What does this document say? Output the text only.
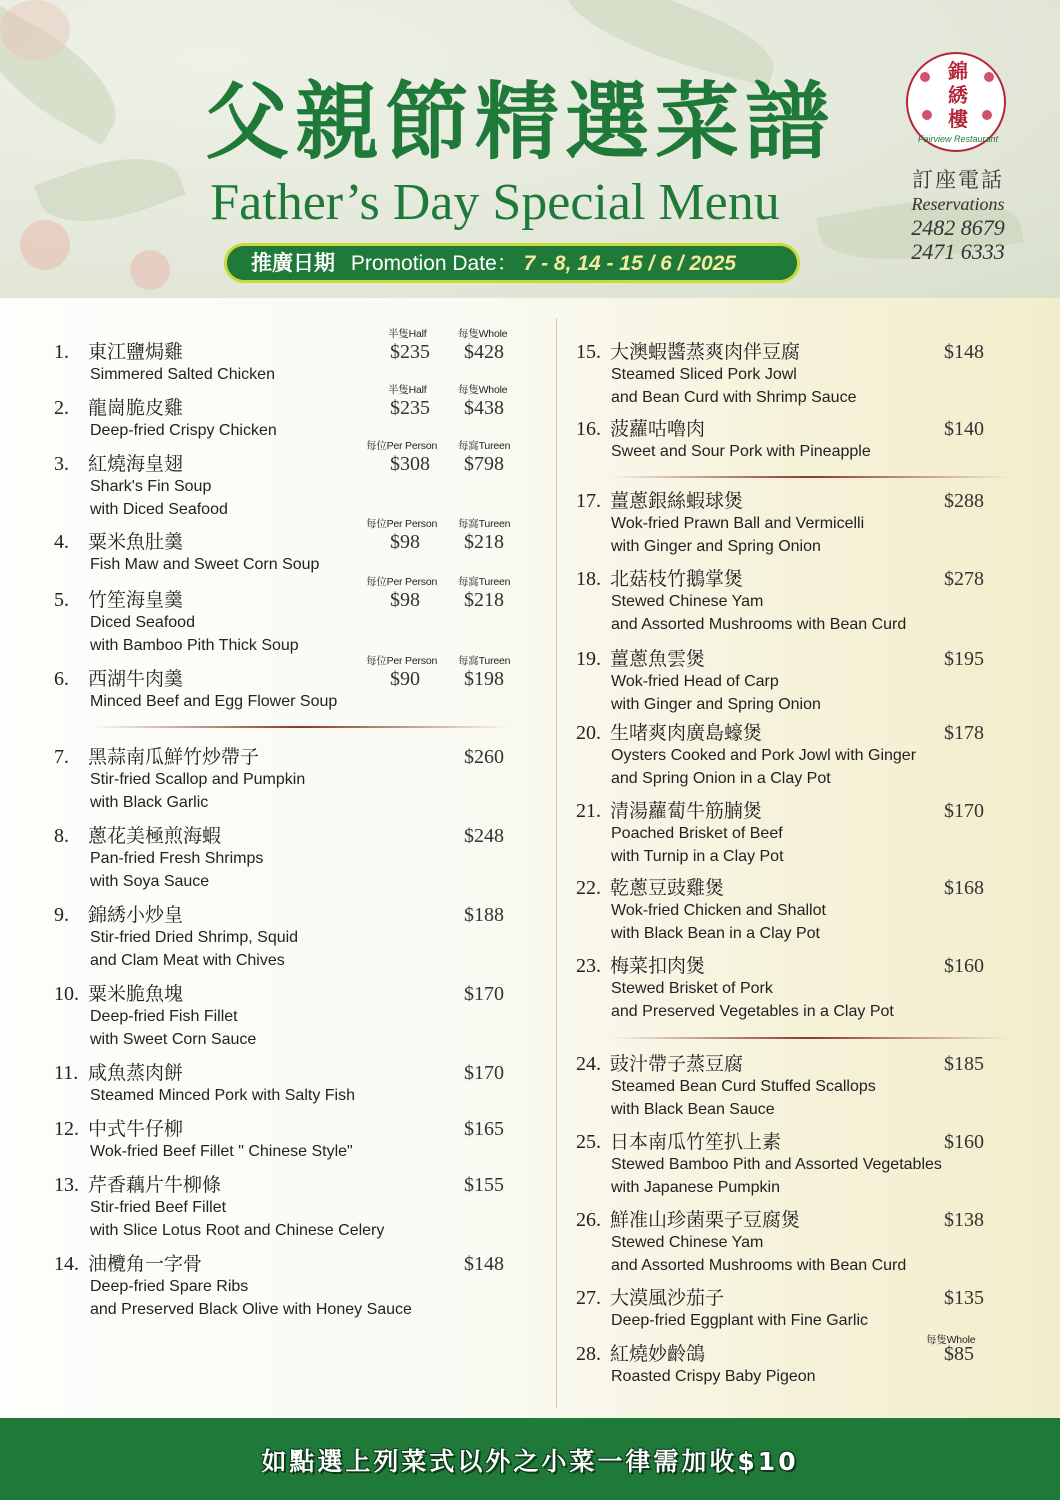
父親節精選菜譜
Father’s Day Special Menu
推廣日期 Promotion Date： 7 - 8, 14 - 15 / 6 / 2025
錦
綉
樓
Fairview Restaurant
訂座電話
Reservations
2482 8679
2471 6333
1. 東江鹽焗雞
Simmered Salted Chicken
半隻Half	每隻Whole
$235 $428
2. 龍崗脆皮雞
Deep-fried Crispy Chicken
半隻Half	每隻Whole
$235 $438
3. 紅燒海皇翅
Shark's Fin Soup
with Diced Seafood
每位Per Person 每窩Tureen
$308 $798
4. 粟米魚肚羹
Fish Maw and Sweet Corn Soup
每位Per Person 每窩Tureen
$98 $218
5. 竹笙海皇羹
Diced Seafood
with Bamboo Pith Thick Soup
每位Per Person 每窩Tureen
$98 $218
6. 西湖牛肉羹
Minced Beef and Egg Flower Soup
每位Per Person 每窩Tureen
$90 $198
7. 黑蒜南瓜鮮竹炒帶子
Stir-fried Scallop and Pumpkin
with Black Garlic
$260
8. 蔥花美極煎海蝦
Pan-fried Fresh Shrimps
with Soya Sauce
$248
9. 錦綉小炒皇
Stir-fried Dried Shrimp, Squid
and Clam Meat with Chives
$188
10. 粟米脆魚塊
Deep-fried Fish Fillet
with Sweet Corn Sauce
$170
11. 咸魚蒸肉餅
Steamed Minced Pork with Salty Fish
$170
12. 中式牛仔柳
Wok-fried Beef Fillet " Chinese Style"
$165
13. 芹香藕片牛柳條
Stir-fried Beef Fillet
with Slice Lotus Root and Chinese Celery
$155
14. 油欖角一字骨
Deep-fried Spare Ribs
and Preserved Black Olive with Honey Sauce
$148
15. 大澳蝦醬蒸爽肉伴豆腐
Steamed Sliced Pork Jowl
and Bean Curd with Shrimp Sauce
$148
16. 菠蘿咕嚕肉
Sweet and Sour Pork with Pineapple
$140
17. 薑蔥銀絲蝦球煲
Wok-fried Prawn Ball and Vermicelli
with Ginger and Spring Onion
$288
18. 北菇枝竹鵝掌煲
Stewed Chinese Yam
and Assorted Mushrooms with Bean Curd
$278
19. 薑蔥魚雲煲
Wok-fried Head of Carp
with Ginger and Spring Onion
$195
20. 生啫爽肉廣島蠔煲
Oysters Cooked and Pork Jowl with Ginger
and Spring Onion in a Clay Pot
$178
21. 清湯蘿蔔牛筋腩煲
Poached Brisket of Beef
with Turnip in a Clay Pot
$170
22. 乾蔥豆豉雞煲
Wok-fried Chicken and Shallot
with Black Bean in a Clay Pot
$168
23. 梅菜扣肉煲
Stewed Brisket of Pork
and Preserved Vegetables in a Clay Pot
$160
24. 豉汁帶子蒸豆腐
Steamed Bean Curd Stuffed Scallops
with Black Bean Sauce
$185
25. 日本南瓜竹笙扒上素
Stewed Bamboo Pith and Assorted Vegetables
with Japanese Pumpkin
$160
26. 鮮准山珍菌栗子豆腐煲
Stewed Chinese Yam
and Assorted Mushrooms with Bean Curd
$138
27. 大漠風沙茄子
Deep-fried Eggplant with Fine Garlic
$135
28. 紅燒妙齡鴿
Roasted Crispy Baby Pigeon
每隻Whole
$85
如點選上列菜式以外之小菜一律需加收$10
